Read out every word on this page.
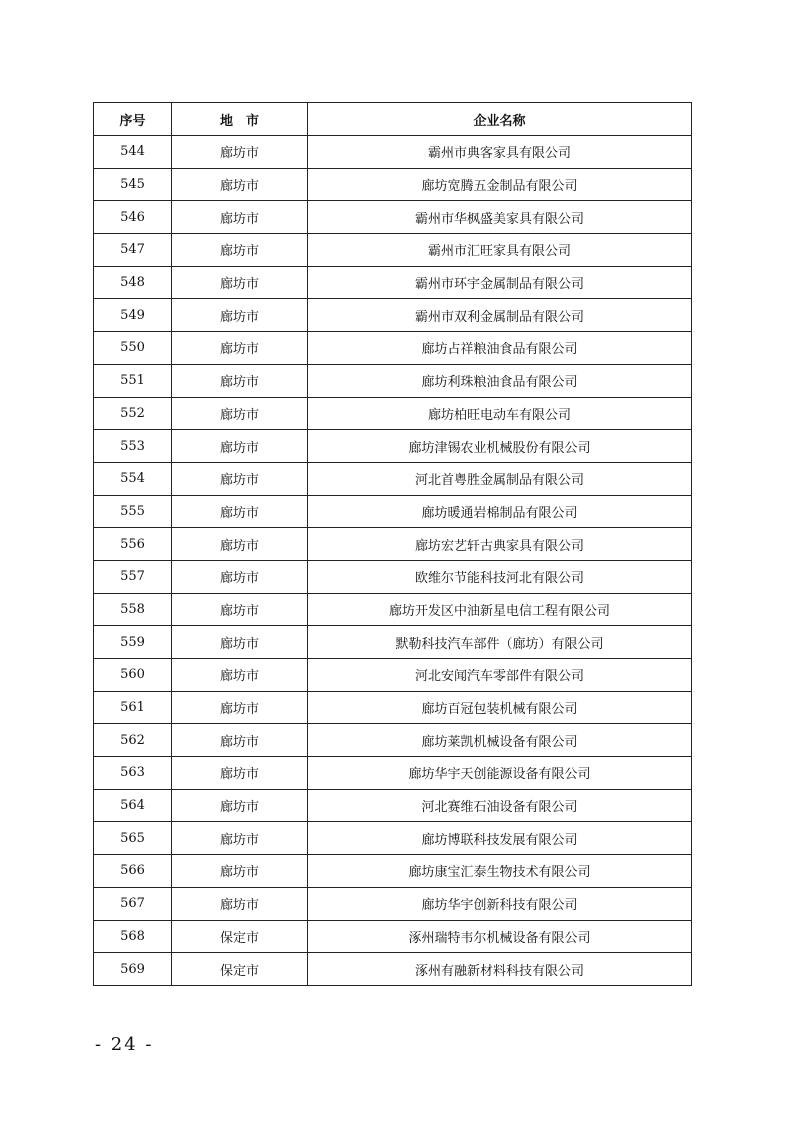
序号	地　市	企业名称
544	廊坊市	霸州市典客家具有限公司
545	廊坊市	廊坊宽腾五金制品有限公司
546	廊坊市	霸州市华枫盛美家具有限公司
547	廊坊市	霸州市汇旺家具有限公司
548	廊坊市	霸州市环宇金属制品有限公司
549	廊坊市	霸州市双利金属制品有限公司
550	廊坊市	廊坊占祥粮油食品有限公司
551	廊坊市	廊坊利珠粮油食品有限公司
552	廊坊市	廊坊柏旺电动车有限公司
553	廊坊市	廊坊津锡农业机械股份有限公司
554	廊坊市	河北首粤胜金属制品有限公司
555	廊坊市	廊坊暖通岩棉制品有限公司
556	廊坊市	廊坊宏艺轩古典家具有限公司
557	廊坊市	欧维尔节能科技河北有限公司
558	廊坊市	廊坊开发区中油新星电信工程有限公司
559	廊坊市	默勒科技汽车部件（廊坊）有限公司
560	廊坊市	河北安闻汽车零部件有限公司
561	廊坊市	廊坊百冠包装机械有限公司
562	廊坊市	廊坊莱凯机械设备有限公司
563	廊坊市	廊坊华宇天创能源设备有限公司
564	廊坊市	河北赛维石油设备有限公司
565	廊坊市	廊坊博联科技发展有限公司
566	廊坊市	廊坊康宝汇泰生物技术有限公司
567	廊坊市	廊坊华宇创新科技有限公司
568	保定市	涿州瑞特韦尔机械设备有限公司
569	保定市	涿州有融新材料科技有限公司
- 24 -
